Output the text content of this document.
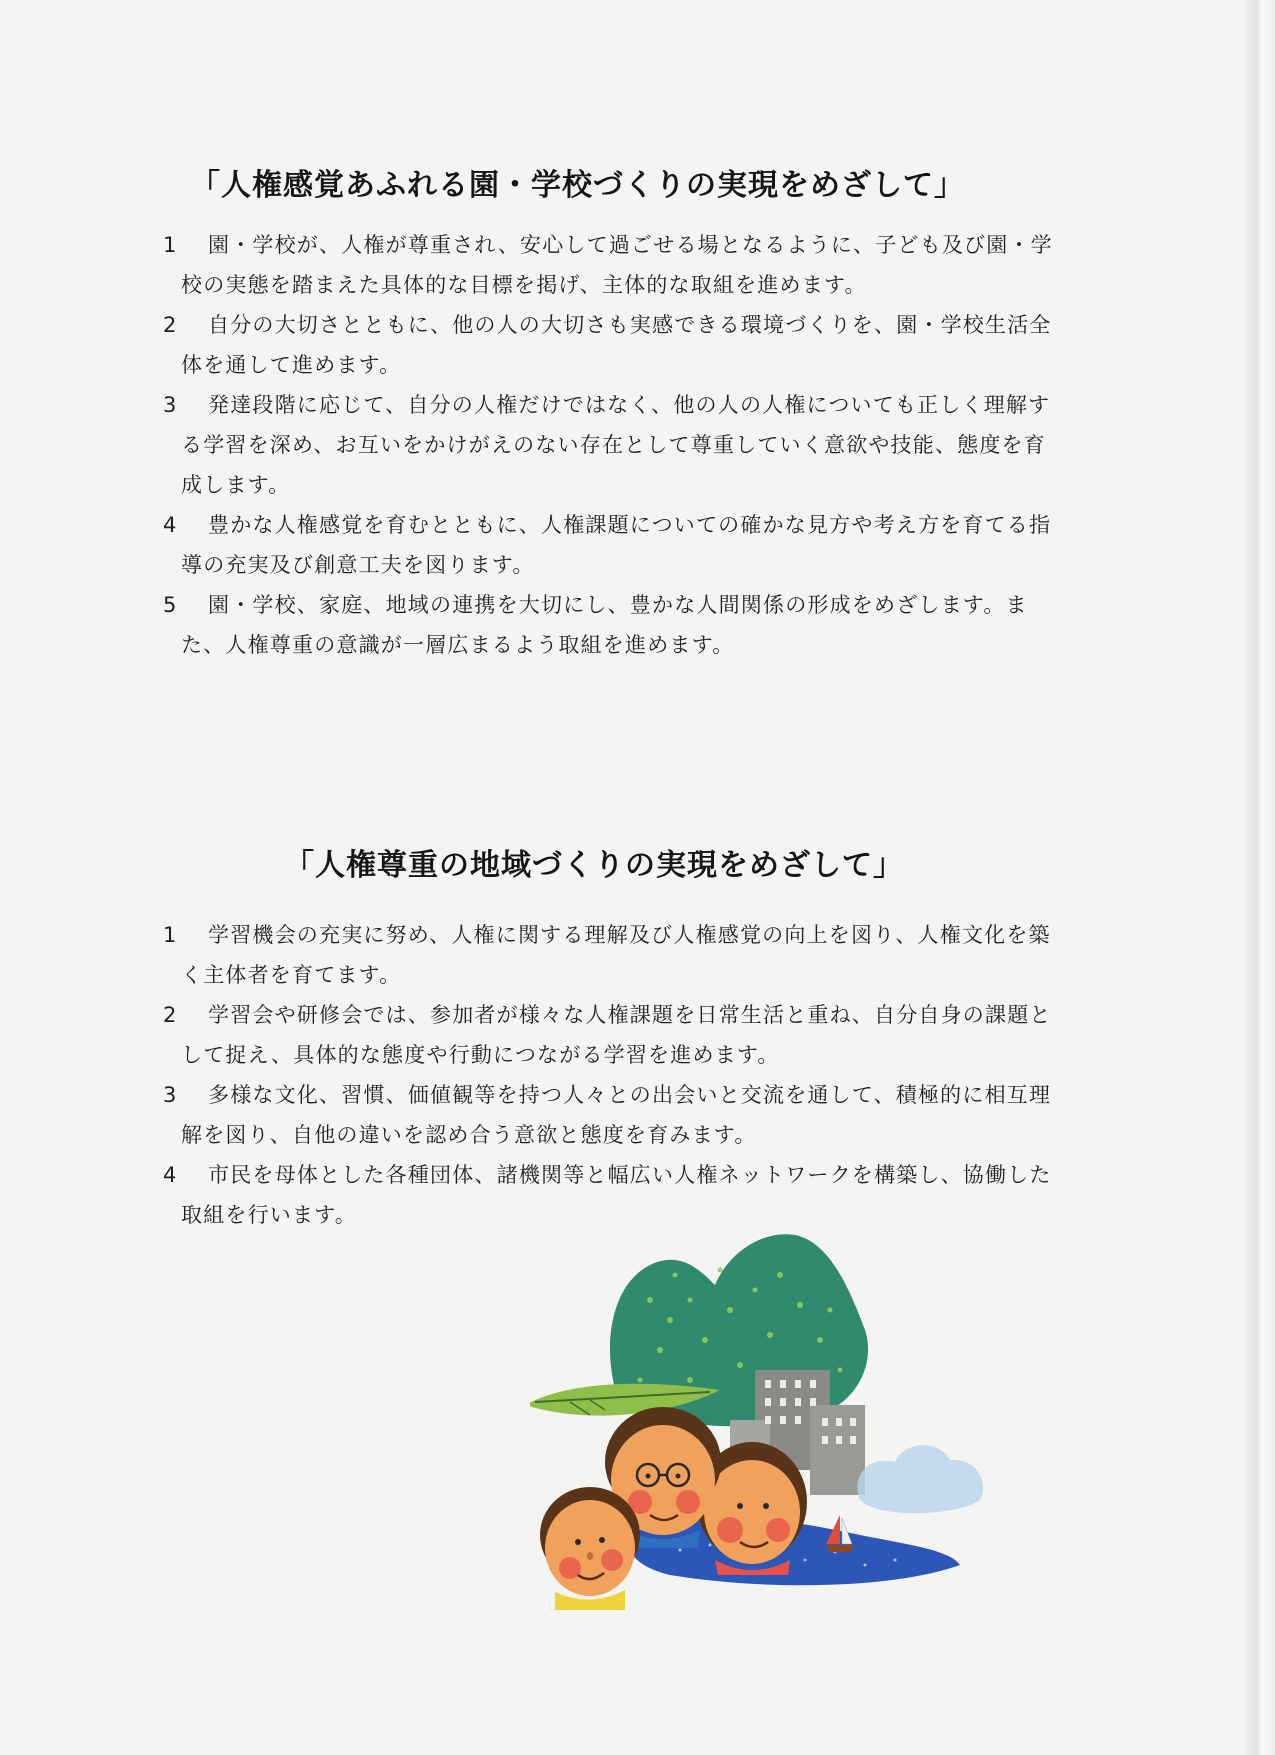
「人権感覚あふれる園・学校づくりの実現をめざして」
1	園・学校が、人権が尊重され、安心して過ごせる場となるように、子ども及び園・学校の実態を踏まえた具体的な目標を掲げ、主体的な取組を進めます。
2	自分の大切さとともに、他の人の大切さも実感できる環境づくりを、園・学校生活全体を通して進めます。
3	発達段階に応じて、自分の人権だけではなく、他の人の人権についても正しく理解する学習を深め、お互いをかけがえのない存在として尊重していく意欲や技能、態度を育成します。
4	豊かな人権感覚を育むとともに、人権課題についての確かな見方や考え方を育てる指導の充実及び創意工夫を図ります。
5	園・学校、家庭、地域の連携を大切にし、豊かな人間関係の形成をめざします。また、人権尊重の意識が一層広まるよう取組を進めます。
「人権尊重の地域づくりの実現をめざして」
1	学習機会の充実に努め、人権に関する理解及び人権感覚の向上を図り、人権文化を築く主体者を育てます。
2	学習会や研修会では、参加者が様々な人権課題を日常生活と重ね、自分自身の課題として捉え、具体的な態度や行動につながる学習を進めます。
3	多様な文化、習慣、価値観等を持つ人々との出会いと交流を通して、積極的に相互理解を図り、自他の違いを認め合う意欲と態度を育みます。
4	市民を母体とした各種団体、諸機関等と幅広い人権ネットワークを構築し、協働した取組を行います。
